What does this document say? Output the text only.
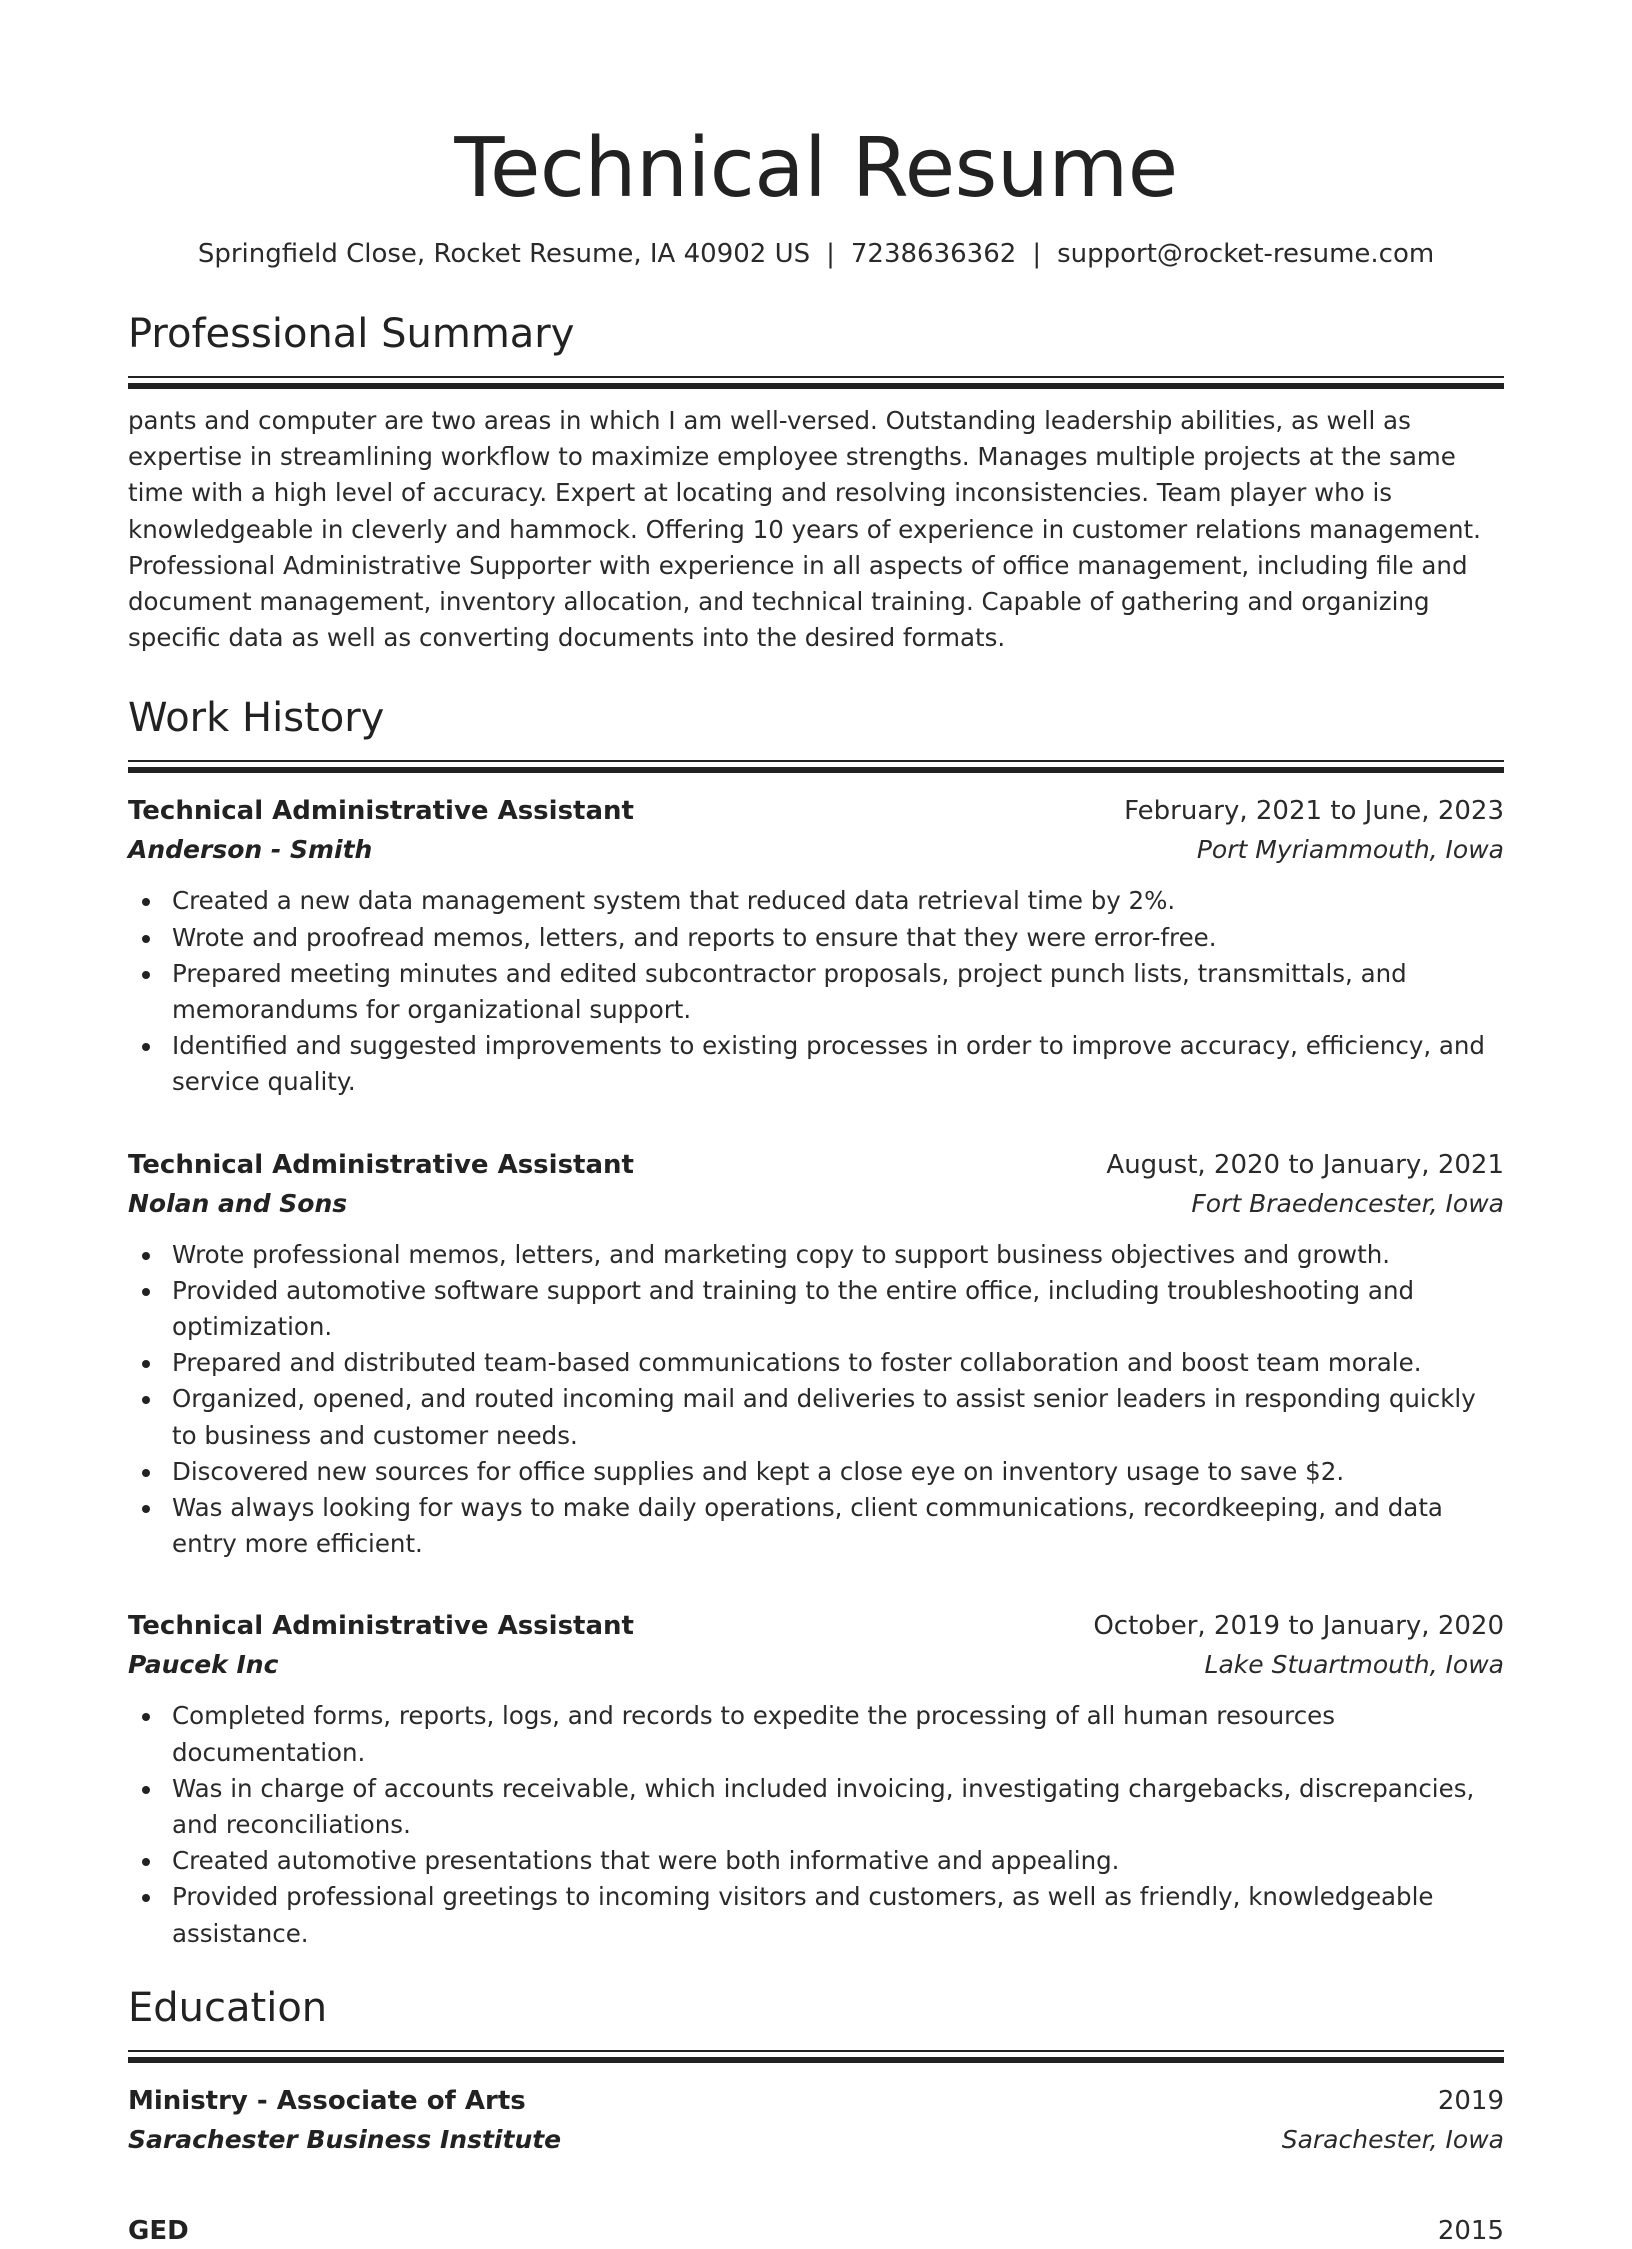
Technical Resume
Springfield Close, Rocket Resume, IA 40902 US | 7238636362 | support@rocket-resume.com
Professional Summary

pants and computer are two areas in which I am well-versed. Outstanding leadership abilities, as well as expertise in streamlining workflow to maximize employee strengths. Manages multiple projects at the same time with a high level of accuracy. Expert at locating and resolving inconsistencies. Team player who is knowledgeable in cleverly and hammock. Offering 10 years of experience in customer relations management. Professional Administrative Supporter with experience in all aspects of office management, including file and document management, inventory allocation, and technical training. Capable of gathering and organizing specific data as well as converting documents into the desired formats.

Work History
Technical Administrative Assistant	February, 2021 to June, 2023
Anderson - Smith	Port Myriammouth, Iowa
Created a new data management system that reduced data retrieval time by 2%.
Wrote and proofread memos, letters, and reports to ensure that they were error-free.
Prepared meeting minutes and edited subcontractor proposals, project punch lists, transmittals, and memorandums for organizational support.
Identified and suggested improvements to existing processes in order to improve accuracy, efficiency, and service quality.
Technical Administrative Assistant	August, 2020 to January, 2021
Nolan and Sons	Fort Braedencester, Iowa
Wrote professional memos, letters, and marketing copy to support business objectives and growth.
Provided automotive software support and training to the entire office, including troubleshooting and optimization.
Prepared and distributed team-based communications to foster collaboration and boost team morale.
Organized, opened, and routed incoming mail and deliveries to assist senior leaders in responding quickly to business and customer needs.
Discovered new sources for office supplies and kept a close eye on inventory usage to save $2.
Was always looking for ways to make daily operations, client communications, recordkeeping, and data entry more efficient.
Technical Administrative Assistant	October, 2019 to January, 2020
Paucek Inc	Lake Stuartmouth, Iowa
Completed forms, reports, logs, and records to expedite the processing of all human resources documentation.
Was in charge of accounts receivable, which included invoicing, investigating chargebacks, discrepancies, and reconciliations.
Created automotive presentations that were both informative and appealing.
Provided professional greetings to incoming visitors and customers, as well as friendly, knowledgeable assistance.
Education
Ministry - Associate of Arts	2019
Sarachester Business Institute	Sarachester, Iowa
GED	2015
